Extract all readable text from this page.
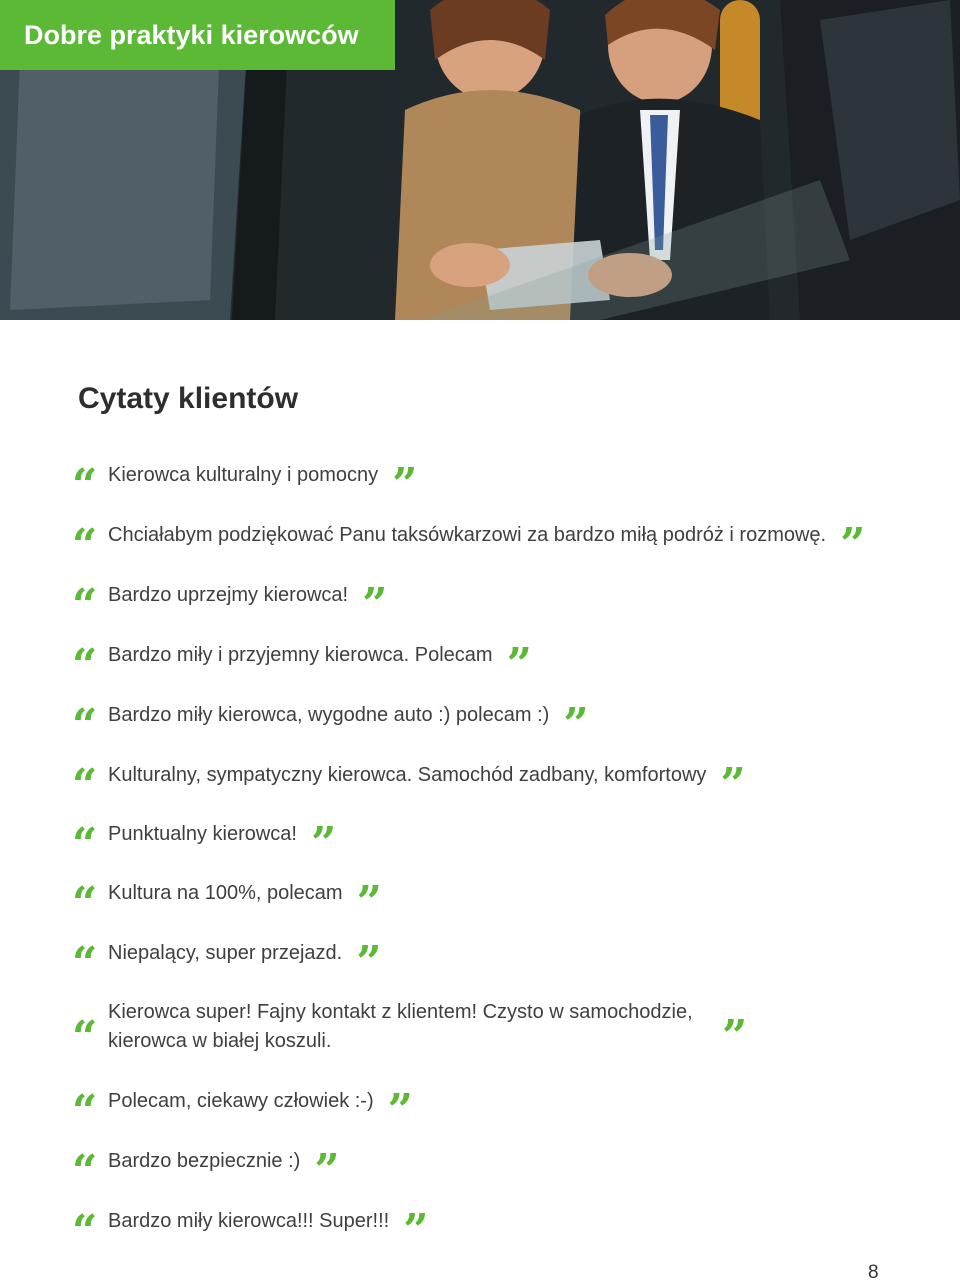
Dobre praktyki kierowców
Cytaty klientów
“ Kierowca kulturalny i pomocny ”
“ Chciałabym podziękować Panu taksówkarzowi za bardzo miłą podróż i rozmowę. ”
“ Bardzo uprzejmy kierowca! ”
“ Bardzo miły i przyjemny kierowca. Polecam ”
“ Bardzo miły kierowca, wygodne auto :) polecam :) ”
“ Kulturalny, sympatyczny kierowca. Samochód zadbany, komfortowy ”
“ Punktualny kierowca! ”
“ Kultura na 100%, polecam ”
“ Niepalący, super przejazd. ”
“ Kierowca super! Fajny kontakt z klientem! Czysto w samochodzie, kierowca w białej koszuli.	”
“ Polecam, ciekawy człowiek :-) ”
“ Bardzo bezpiecznie :) ”
“ Bardzo miły kierowca!!! Super!!! ”
8
